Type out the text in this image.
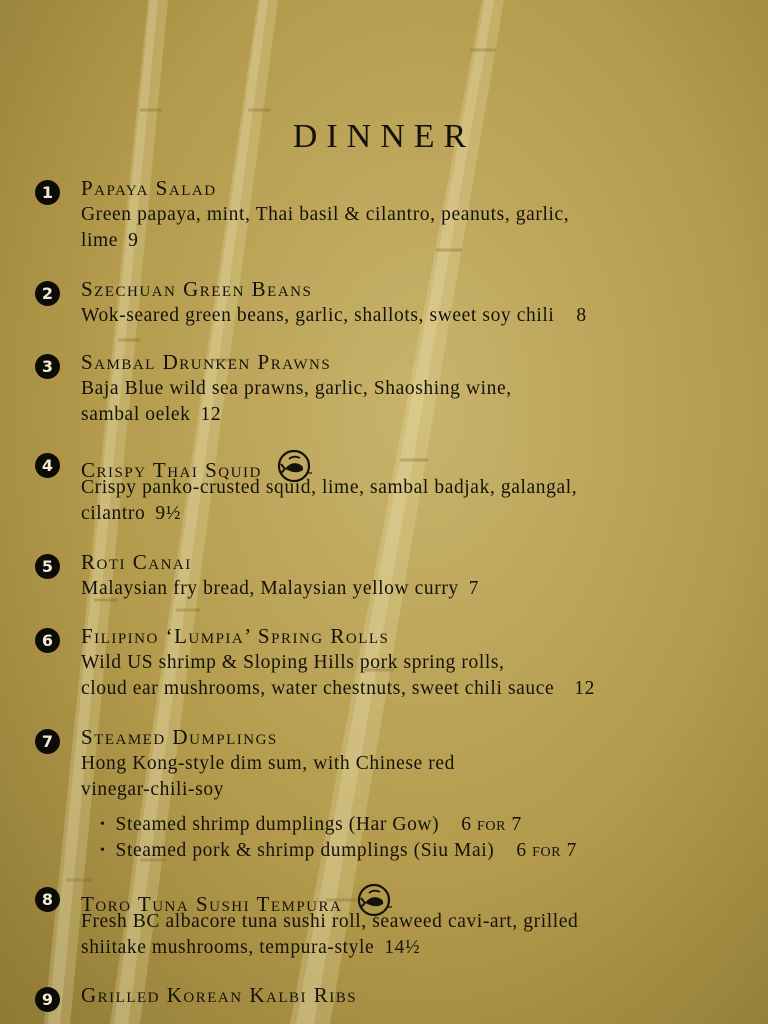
DINNER
1	Papaya Salad
Green papaya, mint, Thai basil & cilantro, peanuts, garlic,
lime 9
2	Szechuan Green Beans
Wok-seared green beans, garlic, shallots, sweet soy chili 8
3	Sambal Drunken Prawns
Baja Blue wild sea prawns, garlic, Shaoshing wine,
sambal oelek 12
4	Crispy Thai Squid
Crispy panko-crusted squid, lime, sambal badjak, galangal,
cilantro 9½
5	Roti Canai
Malaysian fry bread, Malaysian yellow curry 7
6	Filipino ‘Lumpia’ Spring Rolls
Wild US shrimp & Sloping Hills pork spring rolls,
cloud ear mushrooms, water chestnuts, sweet chili sauce 12
7	Steamed Dumplings
Hong Kong-style dim sum, with Chinese red
vinegar-chili-soy
• Steamed shrimp dumplings (Har Gow) 6 for 7
• Steamed pork & shrimp dumplings (Siu Mai) 6 for 7
8	Toro Tuna Sushi Tempura
Fresh BC albacore tuna sushi roll, seaweed cavi-art, grilled
shiitake mushrooms, tempura-style 14½
9	Grilled Korean Kalbi Ribs
